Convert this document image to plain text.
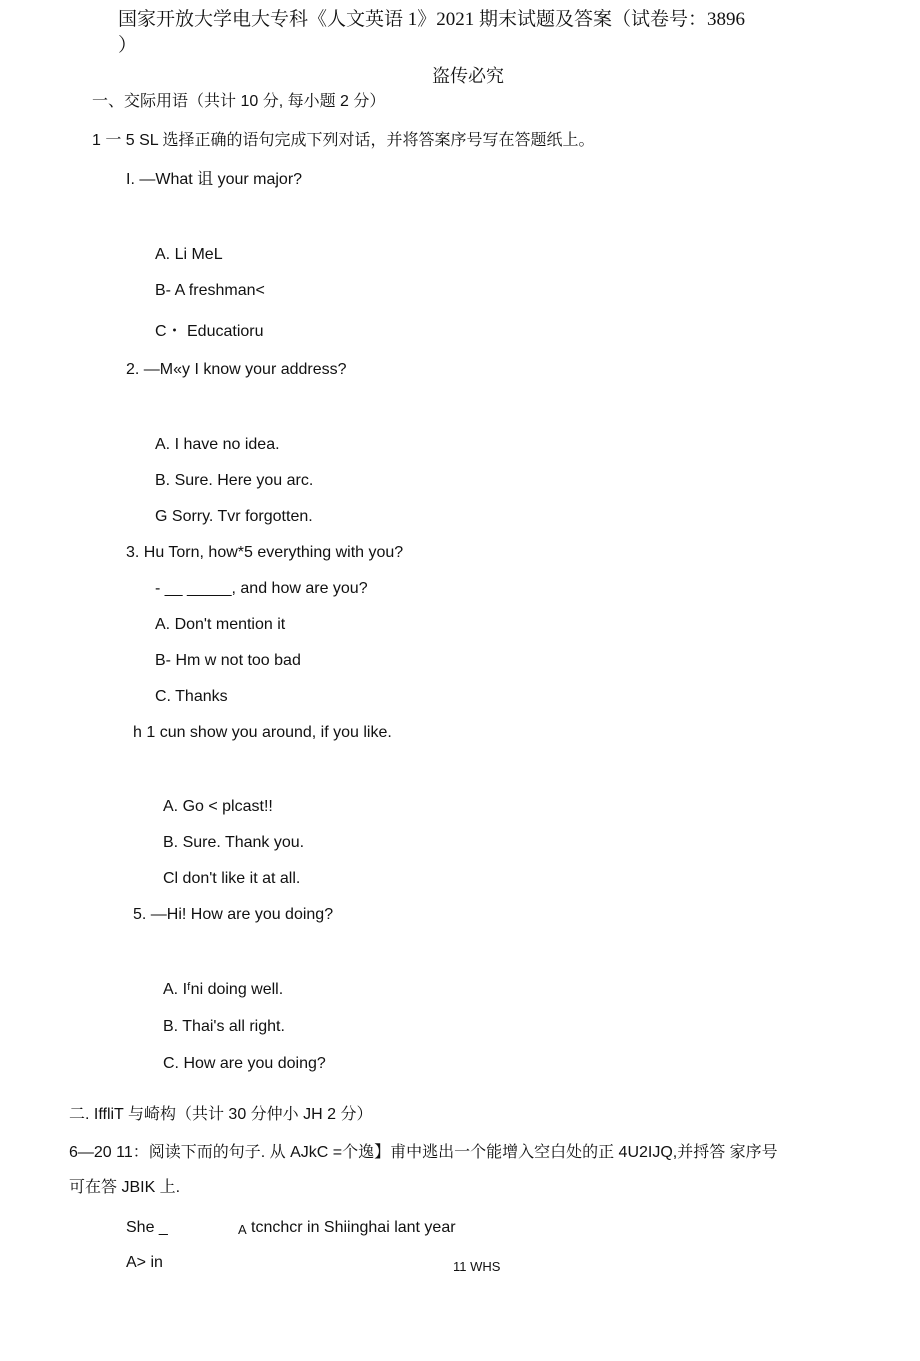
国家开放大学电大专科《人文英语 1》2021 期末试题及答案（试卷号：3896
）
盗传必究
一、交际用语（共计 10 分, 每小题 2 分）
1 一 5 SL 选择正确的语句完成下列对话，并将答案序号写在答题纸上。
I. —What 诅 your major?
A. Li MeL
B- A freshman<
C・ Educatioru
2. —M«y I know your address?
A. I have no idea.
B. Sure. Here you arc.
G Sorry. Tvr forgotten.
3. Hu Torn, how*5 everything with you?
- __ _____, and how are you?
A. Don't mention it
B- Hm w not too bad
C. Thanks
h 1 cun show you around, if you like.
A. Go < plcast!!
B. Sure. Thank you.
Cl don't like it at all.
5. —Hi! How are you doing?
A. Iᶠni doing well.
B. Thai's all right.
C. How are you doing?
二. IffliT 与崎构（共计 30 分仲小 JH 2 分）
6—20 11：阅读下而的句子. 从 AJkC =个逸】甫中逃出一个能增入空白处的正 4U2IJQ,并捋答 家序号
可在答 JBIK 上.
She _	A tcnchcr in Shiinghai lant year
A> in	11 WHS
